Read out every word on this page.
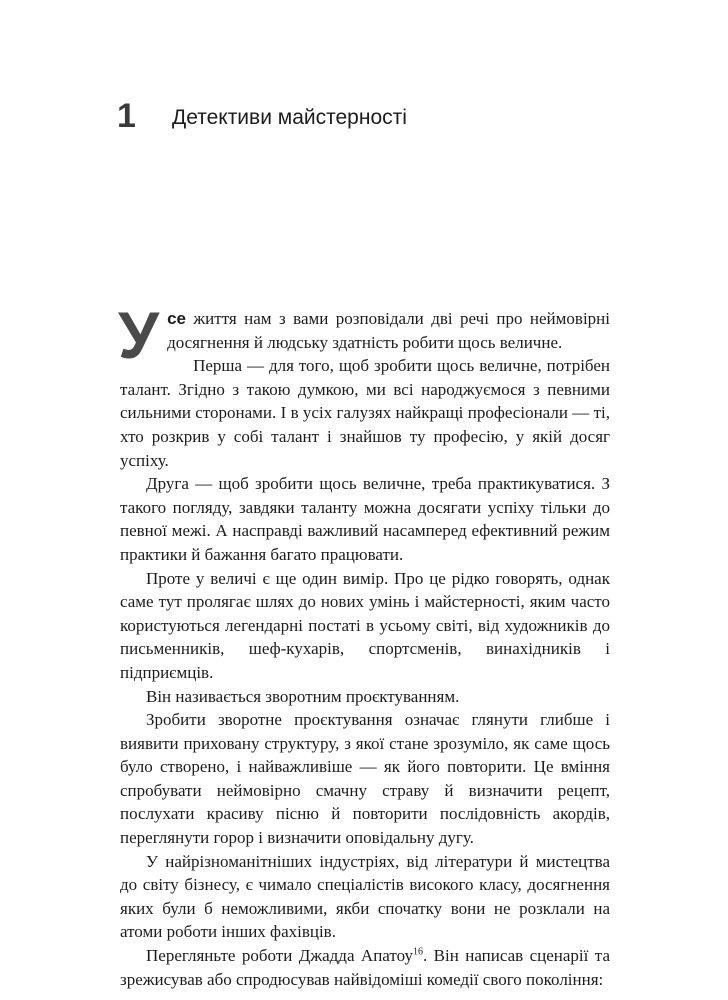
1 Детективи майстерності

Усе життя нам з вами розповідали дві речі про неймовірні досягнення й людську здатність робити щось величне.

Перша — для того, щоб зробити щось величне, потрібен талант. Згідно з такою думкою, ми всі народжуємося з певними сильними сторонами. І в усіх галузях найкращі професіонали — ті, хто розкрив у собі талант і знайшов ту професію, у якій досяг успіху.

Друга — щоб зробити щось величне, треба практикуватися. З такого погляду, завдяки таланту можна досягати успіху тільки до певної межі. А насправді важливий насамперед ефективний режим практики й бажання багато працювати.

Проте у величі є ще один вимір. Про це рідко говорять, однак саме тут пролягає шлях до нових умінь і майстерності, яким часто користуються легендарні постаті в усьому світі, від художників до письменників, шеф-кухарів, спортсменів, винахідників і підприємців.

Він називається зворотним проєктуванням.

Зробити зворотне проєктування означає глянути глибше і виявити приховану структуру, з якої стане зрозуміло, як саме щось було створено, і найважливіше — як його повторити. Це вміння спробувати неймовірно смачну страву й визначити рецепт, послухати красиву пісню й повторити послідовність акордів, переглянути горор і визначити оповідальну дугу.

У найрізноманітніших індустріях, від літератури й мистецтва до світу бізнесу, є чимало спеціалістів високого класу, досягнення яких були б неможливими, якби спочатку вони не розклали на атоми роботи інших фахівців.

Перегляньте роботи Джадда Апатоу$^{16}$. Він написав сценарії та зрежисував або спродюсував найвідоміші комедії свого покоління:
